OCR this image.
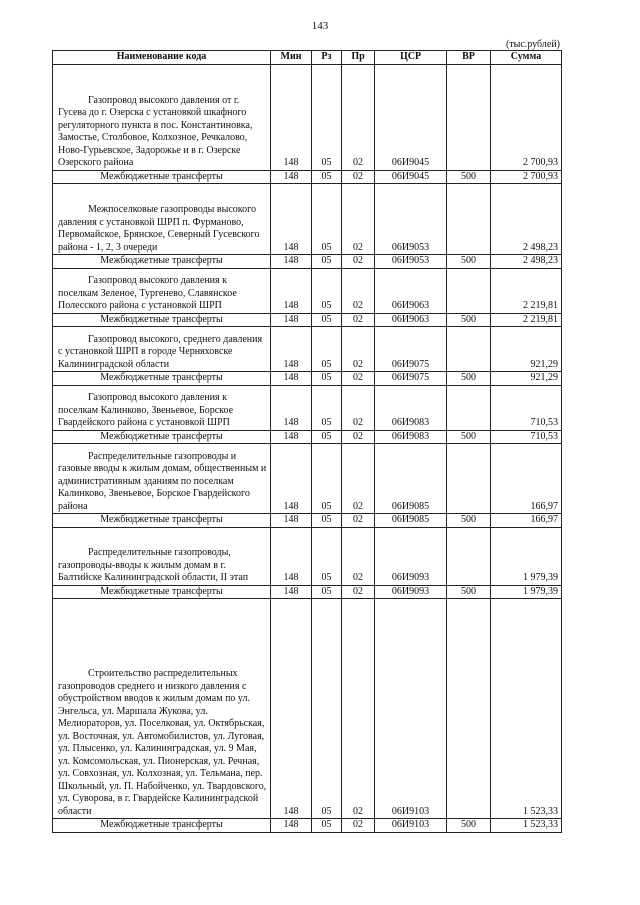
143
(тыс.рублей)
Наименование кода	Мин	Рз	Пр	ЦСР	ВР	Сумма

Газопровод высокого давления от г. Гусева до г. Озерска с установкой шкафного регуляторного пункта в пос. Константиновка, Замостье, Столбовое, Колхозное, Речкалово, Ново-Гурьевское, Задорожье и в г. Озерске Озерского района	148	05	02	06И9045		2 700,93
Межбюджетные трансферты	148	05	02	06И9045	500	2 700,93

Межпоселковые газопроводы высокого давления с установкой ШРП п. Фурманово, Первомайское, Брянское, Северный Гусевского района - 1, 2, 3 очереди	148	05	02	06И9053		2 498,23
Межбюджетные трансферты	148	05	02	06И9053	500	2 498,23

Газопровод высокого давления к поселкам Зеленое, Тургенево, Славянское Полесского района с установкой ШРП	148	05	02	06И9063		2 219,81
Межбюджетные трансферты	148	05	02	06И9063	500	2 219,81

Газопровод высокого, среднего давления с установкой ШРП в городе Черняховске Калининградской области	148	05	02	06И9075		921,29
Межбюджетные трансферты	148	05	02	06И9075	500	921,29

Газопровод высокого давления к поселкам Калинково, Звеньевое, Борское Гвардейского района с установкой ШРП	148	05	02	06И9083		710,53
Межбюджетные трансферты	148	05	02	06И9083	500	710,53

Распределительные газопроводы и газовые вводы к жилым домам, общественным и административным зданиям по поселкам Калинково, Звеньевое, Борское Гвардейского района	148	05	02	06И9085		166,97
Межбюджетные трансферты	148	05	02	06И9085	500	166,97

Распределительные газопроводы, газопроводы-вводы к жилым домам в г. Балтийске Калининградской области, II этап	148	05	02	06И9093		1 979,39
Межбюджетные трансферты	148	05	02	06И9093	500	1 979,39

Строительство распределительных газопроводов среднего и низкого давления с обустройством вводов к жилым домам по ул. Энгельса, ул. Маршала Жукова, ул. Мелиораторов, ул. Поселковая, ул. Октябрьская, ул. Восточная, ул. Автомобилистов, ул. Луговая, ул. Плысенко, ул. Калининградская, ул. 9 Мая, ул. Комсомольская, ул. Пионерская, ул. Речная, ул. Совхозная, ул. Колхозная, ул. Тельмана, пер. Школьный, ул. П. Набойченко, ул. Твардовского, ул. Суворова, в г. Гвардейске Калининградской области	148	05	02	06И9103		1 523,33
Межбюджетные трансферты	148	05	02	06И9103	500	1 523,33
